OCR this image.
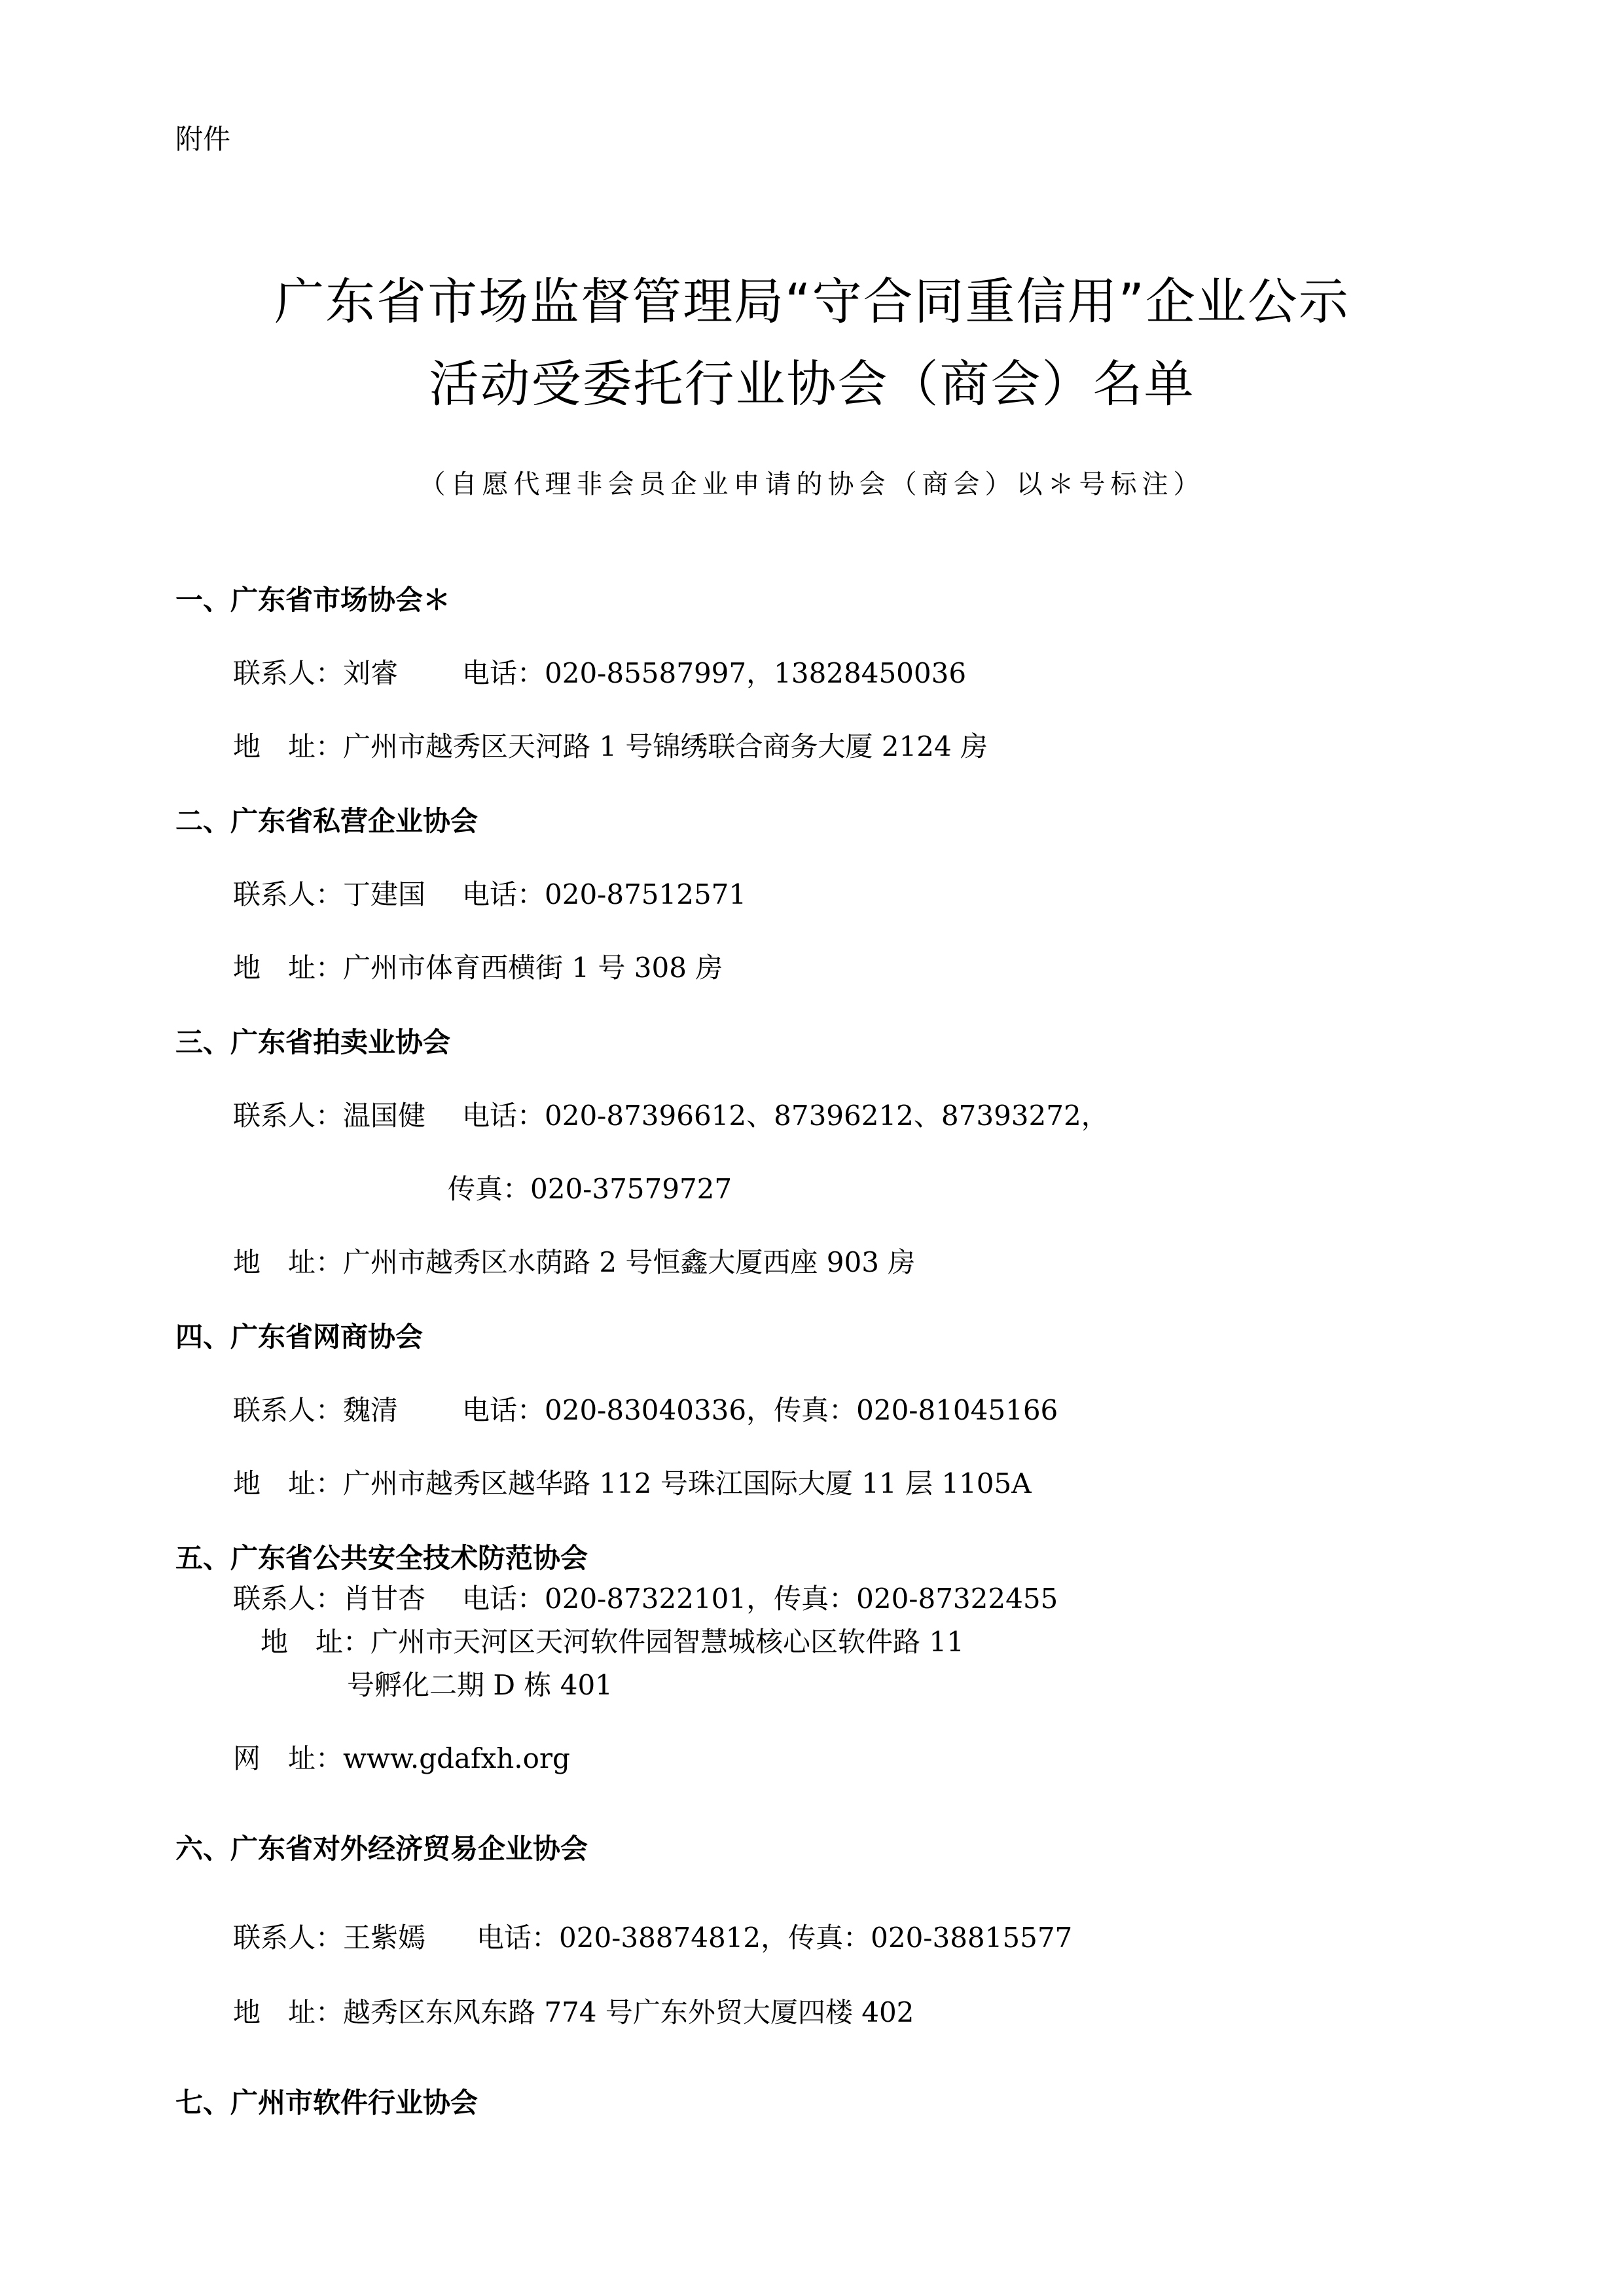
附件
广东省市场监督管理局“守合同重信用”企业公示
活动受委托行业协会（商会）名单
（自愿代理非会员企业申请的协会（商会）以＊号标注）
一、广东省市场协会＊
联系人：刘睿 电话：020-85587997，13828450036
地　址：广州市越秀区天河路 1 号锦绣联合商务大厦 2124 房
二、广东省私营企业协会
联系人：丁建国 电话：020-87512571
地　址：广州市体育西横街 1 号 308 房
三、广东省拍卖业协会
联系人：温国健 电话：020-87396612、87396212、87393272，
传真：020-37579727
地　址：广州市越秀区水荫路 2 号恒鑫大厦西座 903 房
四、广东省网商协会
联系人：魏清 电话：020-83040336，传真：020-81045166
地　址：广州市越秀区越华路 112 号珠江国际大厦 11 层 1105A
五、广东省公共安全技术防范协会
联系人：肖甘杏 电话：020-87322101，传真：020-87322455
地　址：广州市天河区天河软件园智慧城核心区软件路 11
号孵化二期 D 栋 401
网　址：www.gdafxh.org
六、广东省对外经济贸易企业协会
联系人：王紫嫣 电话：020-38874812，传真：020-38815577
地　址：越秀区东风东路 774 号广东外贸大厦四楼 402
七、广州市软件行业协会
